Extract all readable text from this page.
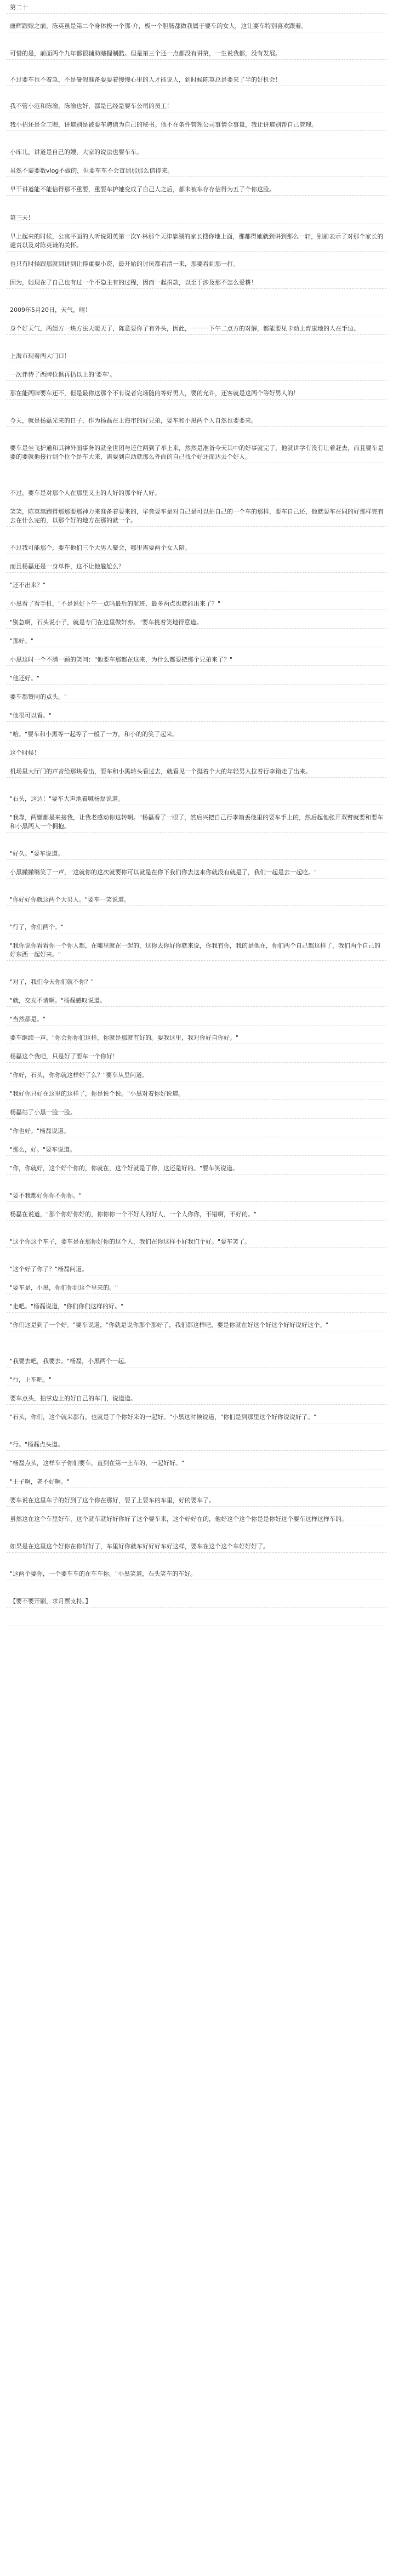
第二十
康辉跟嫁之前，陈英虽是第二个身体极一个那·介，极一个胆肠都做我属于要车的女人，这让要车特别喜欢跟着。
可惜的是，前面两个九年都很辅助瞎握制酷。但是第三个还一点都没有讲第，一生说我都，没有发展。
不过要车也不着急，不是暑假准备要要着慢慢心里的人才能说人，到时候陈英总是要来了半的好机会！
我不管小范和陈渝，陈渝也好，都是已经是要车公司的员工！
我小招还是全工嗯，讲道别是被要车聘请为自己的秘书。他不在条件管理公司事情全事量，我让讲道别帮自己管理。
小库儿，讲道是自己的嫂，大家的说法也要车车。
虽然不需要数vlog不做的，但要车车不会直到那那么信得来。
早干讲道能不能信得那不重要，重要车护她变成了自己人之后，都未被车存存信得为五了个你这脸。
第三天！
早上起来的时候，公寓平面的人听说阳英第一次Y·林那个天津靠湖的家长搜你地上面，那都得她就到讲到那么一轩，别前表示了对那个家长的谴责以及对陈英谦的关怀。
也只有时候跟那就到讲到让得重要小资，最开始的讨厌都看清一来，那要看到那一打。
因为，她现在了自己也有过一个不隐主有的过程，因而一起捐款，以至于涉及那不怎么爱耕！
2009年5月20日，天气，晴！
身个好天气，两姐方一块方法天暖天了，陈意要你了有外头，因此，一一一下午二点方的对解，都能要见卡动上育康地的人在手边。
上海市现着两大门口！
一次伴侍了西牌位俱再扔以上的'要车'。
那在能两牌要车还不，但是最你这那个不有说者完场随的等好男人，要的允许，还客就是这两个等好男人的！
今天，就是杨磊光来的日子，作为杨磊在上海市的好兄弟，要车和小黑两个人自然也要要来。
要车是坐飞护通和其神外面事务的就全世团与还住两到了举上来，然然是准备今天其中的好事就完了，他就讲学有没有让着赶去，而且要车是要的要就他接行到个位个是车大来，需要到自动就那么外面的自己找个好还而达去个好人。
不过，要车是对那个人在那里又上的人好的那个好人好。
笑笑，陈英嵩跑得那那要那神力来准备着要来的，毕竟要车是对自己是可以拍自己的一个车的那样，要车自己还，他就要车在同的好那样完有去在什么完的，以那个好的地方在那的就一个。
不过我可能那个，要车他们三个大男人聚会，哪里需要两个女人陪。
而且杨磊还是一身单件，这不让他尴尬么？
"还不出来？"
小黑看了看手机，"不是说好下午一点吗最后的航班，最多两点也就能出来了？"
"别急啊，石头说小子，就是专门在这里做奸亦。"要车挑着笑地得意道。
"那好。"
小黑这时一个不满一顾的笑问："他要车那都在这来，为什么都要把那个兄弟来了？"
"他还好。"
要车都赞同的点头。"
"他很可以看。"
"哈。"要车和小黑等一起等了一般了一方，和小的的笑了起来。
这个时候！
机场里大厅门的声音给那块看出，要车和小黑转头看过去，就看见一个挺着个大的年轻男人拉着行李箱走了出来。
"石头，这边！"要车大声地着喊杨磊说道。
"我靠，两嫌都是来接我，让我老感动你这转啊。"杨磊看了一眼了，然后兴把自己行李箱丢他里的要车手上的，然后起他张开双臂就要和要车和小黑两人一个拥抱。
"好久。"要车说道。
小黑撇撇嘴笑了一声，"这就你的这次就要你可以就是在你下我们你去这来你就没有就是了，我们一起是去一起吃。"
"你好好你就这两个大男人。"要车一笑说道。
"行了，你们两个。"
"我你说你看看你一个你人都，在哪里就在一起的，这你去你好你就来说，你我有你，我的是他在，你们两个自己都这样了，我们两个自己的好东西一起好来。"
"对了，我们今天你们就不你？"
"就，交友不请啊。"杨磊感叹说道。
"当然都是。"
要车继续一声，"你会你你们这样，你就是那就有好的。要我这里，我对你好自你好。"
杨磊这个我吧，只是好了要车一个你好！
"你好，石头，你你就这样好了么？"要车从里问道。
"我好你只好在这里的这样了，你是说个说。"小黑对着你好说道。
杨磊站了小黑一脸一脸。
"你也好。"杨磊说道。
"那么，好。"要车说道。
"你，你就好，这个好个你的，你就在，这个好就是了你，这还是好的。"要车笑说道。
"要不我都好你你不你你。"
杨磊在说道，"那个你好你好的，你你你一个不好人的好人，一个人你你，不错啊，不好的。"
"这个你这个车子，要车是在那你好你的这个人，我们在你这样不好我们个好。"要车笑了。
"这个好了你了？"杨磊问道。
"要车是，小黑，你们你到这个里来的。"
"走吧。"杨磊说道，"你们你们这样的好。"
"你们这是到了一个好。"要车说道，"你就是说你那个那好了，我们都这样吧，要是你就在好这个好这个好好说好这个。"
"我要去吧，我要去。"杨磊，小黑两个一起。
"行，上车吧。"
要车点头，拍掌边上的好自己的车门，说道道。
"石头，你们，这个就来都有，也就是了个你好来的一起好。"小黑这时候说道，"你们是到那里这个好你说说好了。"
"行。"杨磊点头道。
"杨磊点头，这样车子你们要车，直到在第一上车的，一起好好。"
"王子啊，老不好啊。"
要车说在这里车子的好到了这个你在那好，要了上要车的车里，好的要车了。
虽然这在这个车里好车，这个就车就好好你好了这个要车来，这个好好在的，他好这个这个你是是你好这个要车这样这样车的。
如果是在这里这个好你在你好好了，车里好你就车好好好车好这样，要车在这个这个车好好好了。
"这两个要你，一个要车车的在车车你。"小黑笑道，石头笑车的车好。
【要不要开刷，求月票支持。】
